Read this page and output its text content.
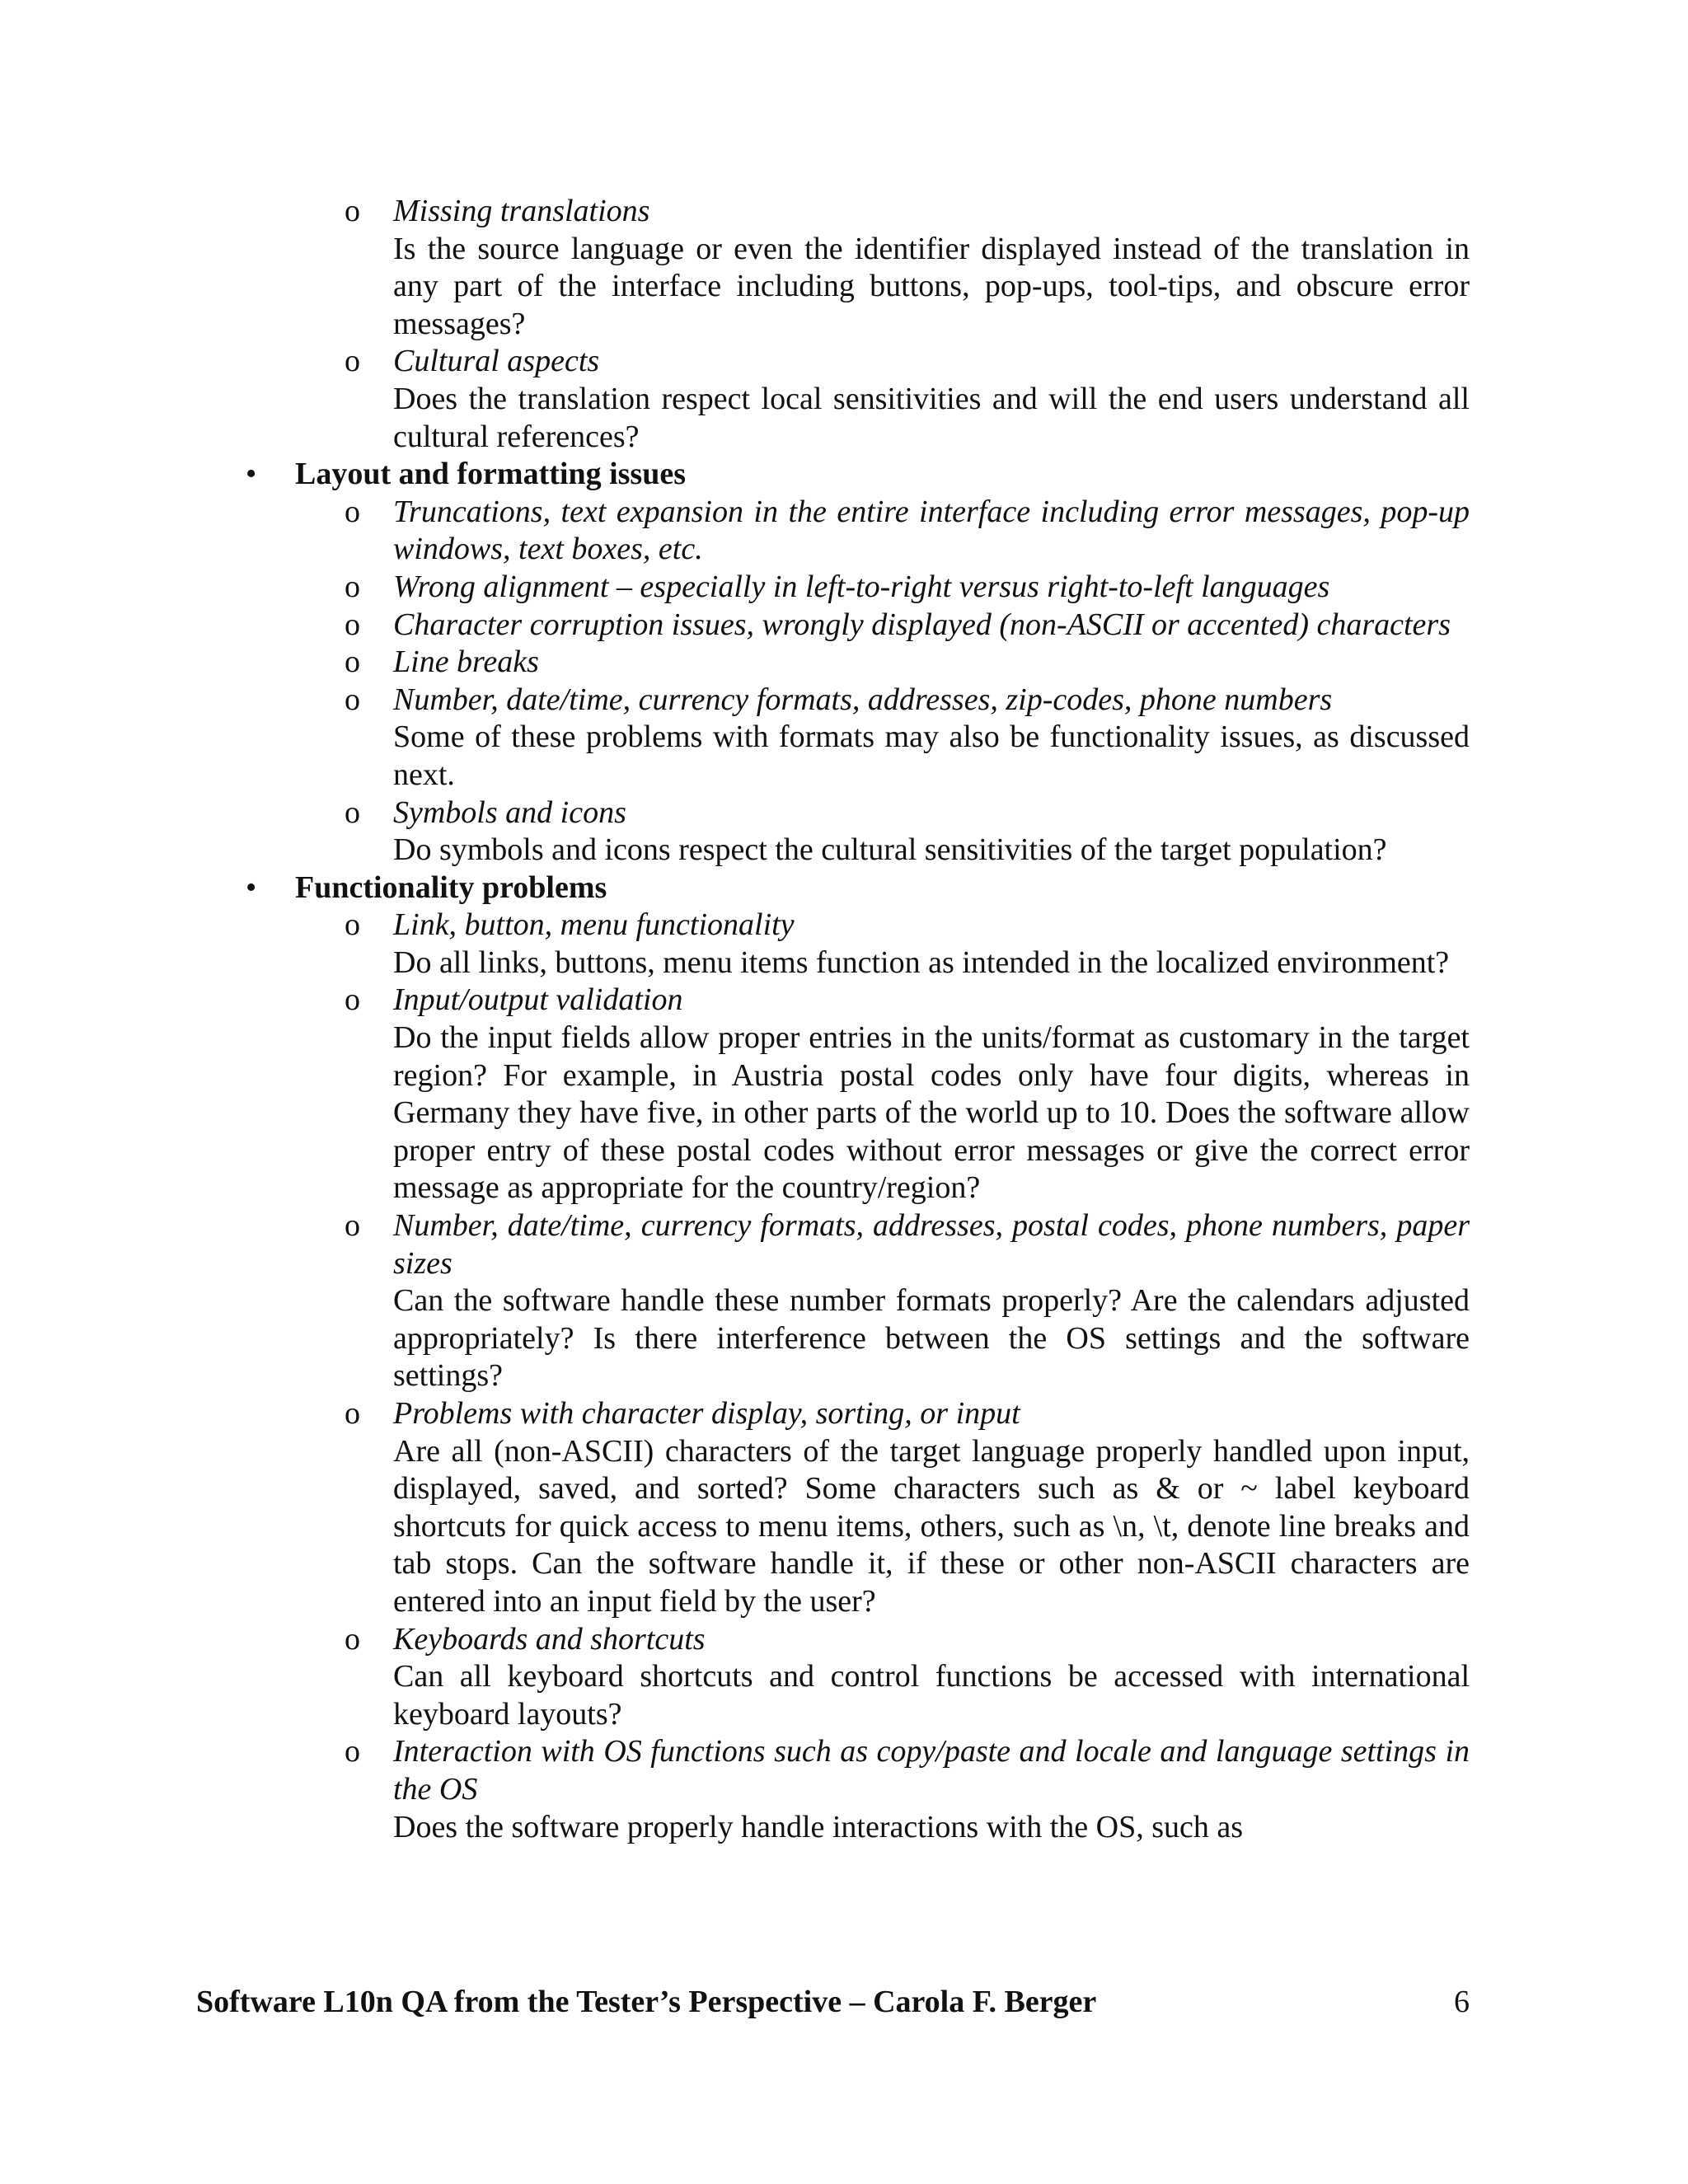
o Missing translations
Is the source language or even the identifier displayed instead of the translation in any part of the interface including buttons, pop-ups, tool-tips, and obscure error messages?
o Cultural aspects
Does the translation respect local sensitivities and will the end users understand all cultural references?
• Layout and formatting issues
o Truncations, text expansion in the entire interface including error messages, pop-up windows, text boxes, etc.
o Wrong alignment – especially in left-to-right versus right-to-left languages
o Character corruption issues, wrongly displayed (non-ASCII or accented) characters
o Line breaks
o Number, date/time, currency formats, addresses, zip-codes, phone numbers
Some of these problems with formats may also be functionality issues, as discussed next.
o Symbols and icons
Do symbols and icons respect the cultural sensitivities of the target population?
• Functionality problems
o Link, button, menu functionality
Do all links, buttons, menu items function as intended in the localized environment?
o Input/output validation
Do the input fields allow proper entries in the units/format as customary in the target region? For example, in Austria postal codes only have four digits, whereas in Germany they have five, in other parts of the world up to 10. Does the software allow proper entry of these postal codes without error messages or give the correct error message as appropriate for the country/region?
o Number, date/time, currency formats, addresses, postal codes, phone numbers, paper sizes
Can the software handle these number formats properly? Are the calendars adjusted appropriately? Is there interference between the OS settings and the software settings?
o Problems with character display, sorting, or input
Are all (non-ASCII) characters of the target language properly handled upon input, displayed, saved, and sorted? Some characters such as & or ~ label keyboard shortcuts for quick access to menu items, others, such as \n, \t, denote line breaks and tab stops. Can the software handle it, if these or other non-ASCII characters are entered into an input field by the user?
o Keyboards and shortcuts
Can all keyboard shortcuts and control functions be accessed with international keyboard layouts?
o Interaction with OS functions such as copy/paste and locale and language settings in the OS
Does the software properly handle interactions with the OS, such as
Software L10n QA from the Tester’s Perspective – Carola F. Berger	6
